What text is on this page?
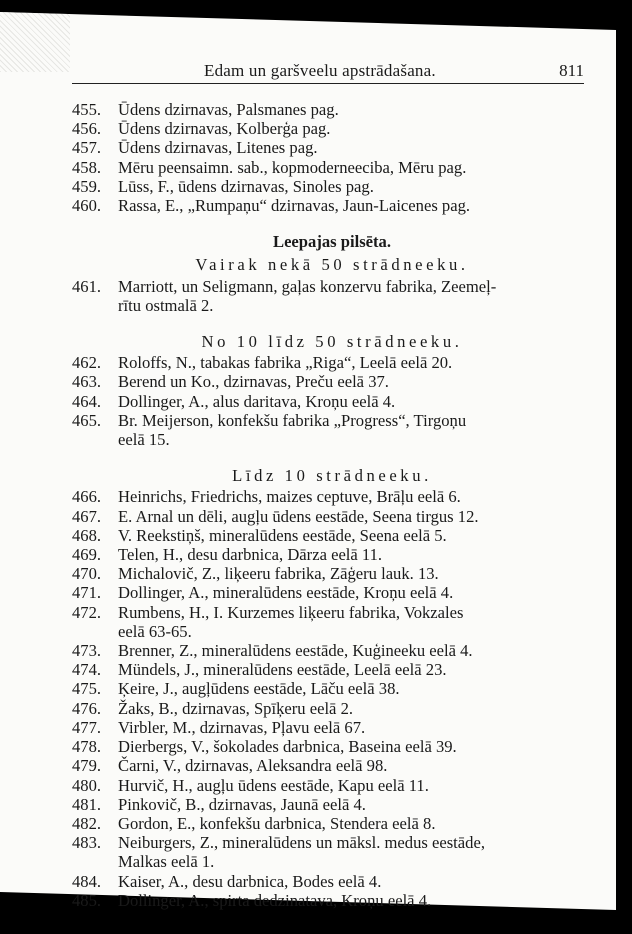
Edam un garšveelu apstrādašana.	811
455.	Ūdens dzirnavas, Palsmanes pag.
456.	Ūdens dzirnavas, Kolberģa pag.
457.	Ūdens dzirnavas, Litenes pag.
458.	Mēru peensaimn. sab., kopmoderneeciba, Mēru pag.
459.	Lūss, F., ūdens dzirnavas, Sinoles pag.
460.	Rassa, E., „Rumpaņu“ dzirnavas, Jaun-Laicenes pag.
Leepajas pilsēta.
Vairak nekā 50 strādneeku.
461.	Marriott, un Seligmann, gaļas konzervu fabrika, Zeemeļ-
rītu ostmalā 2.
No 10 līdz 50 strādneeku.
462.	Roloffs, N., tabakas fabrika „Riga“, Leelā eelā 20.
463.	Berend un Ko., dzirnavas, Preču eelā 37.
464.	Dollinger, A., alus daritava, Kroņu eelā 4.
465.	Br. Meijerson, konfekšu fabrika „Progress“, Tirgoņu
eelā 15.
Līdz 10 strādneeku.
466.	Heinrichs, Friedrichs, maizes ceptuve, Brāļu eelā 6.
467.	E. Arnal un dēli, augļu ūdens eestāde, Seena tirgus 12.
468.	V. Reekstiņš, mineralūdens eestāde, Seena eelā 5.
469.	Telen, H., desu darbnica, Dārza eelā 11.
470.	Michalovič, Z., liķeeru fabrika, Zāģeru lauk. 13.
471.	Dollinger, A., mineralūdens eestāde, Kroņu eelā 4.
472.	Rumbens, H., I. Kurzemes liķeeru fabrika, Vokzales
eelā 63-65.
473.	Brenner, Z., mineralūdens eestāde, Kuģineeku eelā 4.
474.	Mündels, J., mineralūdens eestāde, Leelā eelā 23.
475.	Ķeire, J., augļūdens eestāde, Lāču eelā 38.
476.	Žaks, B., dzirnavas, Spīķeru eelā 2.
477.	Virbler, M., dzirnavas, Pļavu eelā 67.
478.	Dierbergs, V., šokolades darbnica, Baseina eelā 39.
479.	Čarni, V., dzirnavas, Aleksandra eelā 98.
480.	Hurvič, H., augļu ūdens eestāde, Kapu eelā 11.
481.	Pinkovič, B., dzirnavas, Jaunā eelā 4.
482.	Gordon, E., konfekšu darbnica, Stendera eelā 8.
483.	Neiburgers, Z., mineralūdens un māksl. medus eestāde,
Malkas eelā 1.
484.	Kaiser, A., desu darbnica, Bodes eelā 4.
485.	Dollinger, A., spirta dedzinatava, Kroņu eelā 4.
